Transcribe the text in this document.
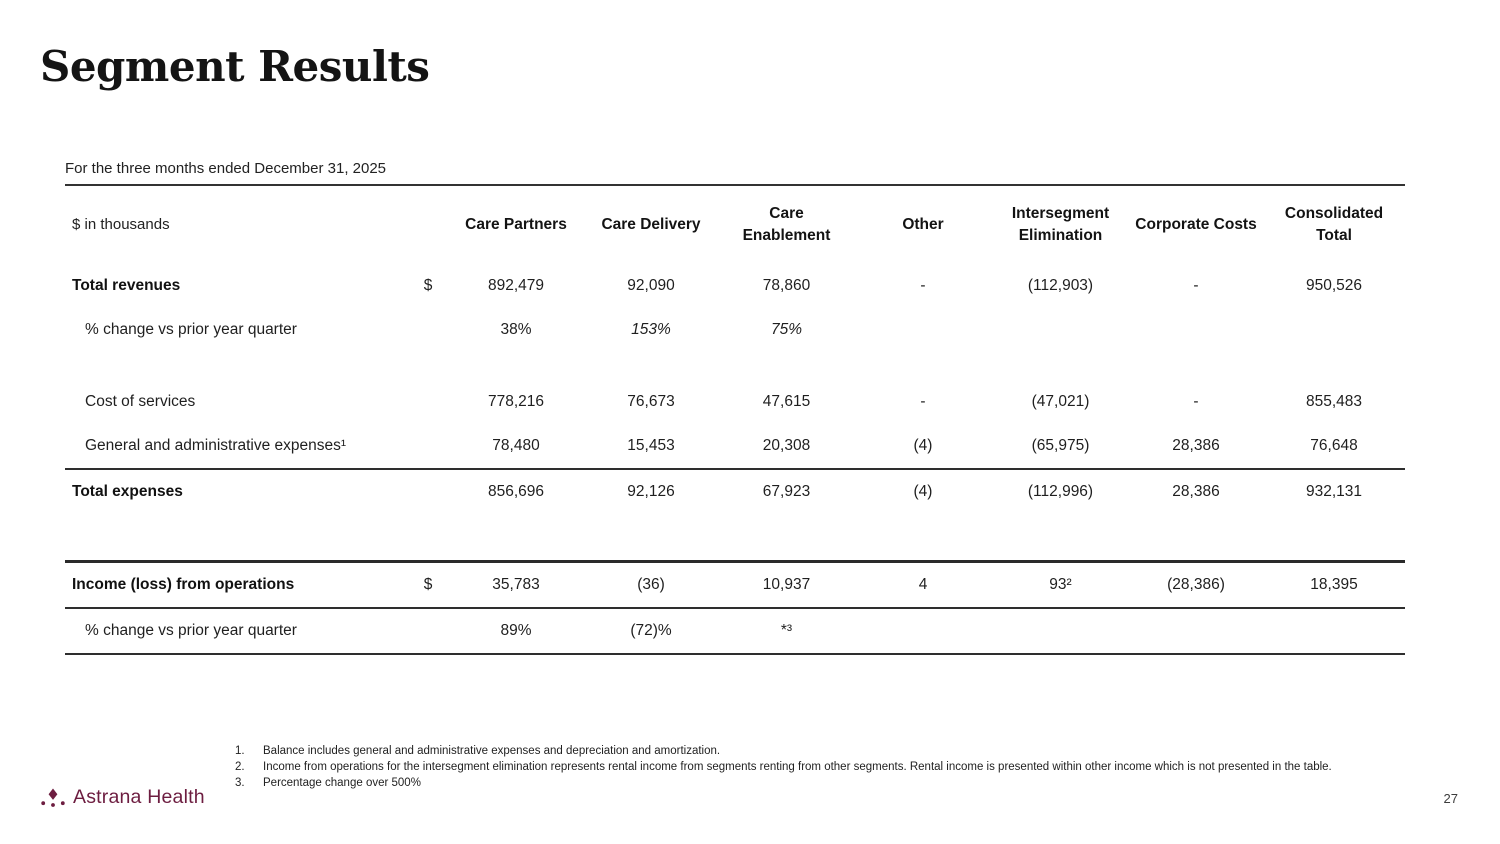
Segment Results
For the three months ended December 31, 2025
$ in thousands		Care Partners	Care Delivery	Care Enablement	Other	Intersegment Elimination	Corporate Costs	Consolidated Total
Total revenues	$	892,479	92,090	78,860	-	(112,903)	-	950,526
% change vs prior year quarter		38%	153%	75%				

Cost of services		778,216	76,673	47,615	-	(47,021)	-	855,483
General and administrative expenses¹		78,480	15,453	20,308	(4)	(65,975)	28,386	76,648
Total expenses		856,696	92,126	67,923	(4)	(112,996)	28,386	932,131

Income (loss) from operations	$	35,783	(36)	10,937	4	93²	(28,386)	18,395
% change vs prior year quarter		89%	(72)%	*³				
1.	Balance includes general and administrative expenses and depreciation and amortization.
2.	Income from operations for the intersegment elimination represents rental income from segments renting from other segments. Rental income is presented within other income which is not presented in the table.
3.	Percentage change over 500%
Astrana Health	27
